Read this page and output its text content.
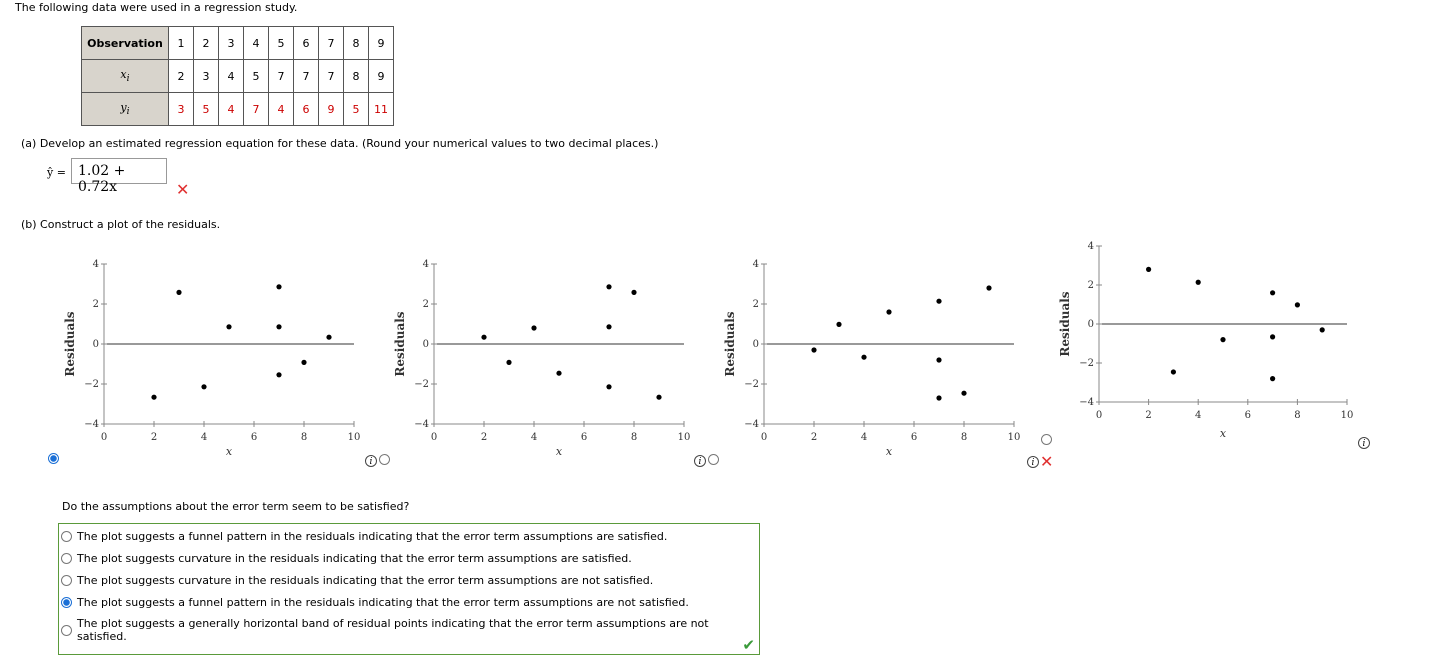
The following data were used in a regression study.
Observation	1	2	3	4	5	6	7	8	9
$x_i$	2	3	4	5	7	7	7	8	9
$y_i$	3	5	4	7	4	6	9	5	11
(a) Develop an estimated regression equation for these data. (Round your numerical values to two decimal places.)
ŷ = 1.02 + 0.72x	✕
(b) Construct a plot of the residuals.
4
2
0
−2
−4
0	2	4	6	8	10
Residuals
x
4
2
0
−2
−4
0	2	4	6	8	10
Residuals
x
4
2
0
−2
−4
0	2	4	6	8	10
Residuals
x
4
2
0
−2
−4
0	2	4	6	8	10
Residuals
x
i	i	i ✕
i
Do the assumptions about the error term seem to be satisfied?
The plot suggests a funnel pattern in the residuals indicating that the error term assumptions are satisfied.
The plot suggests curvature in the residuals indicating that the error term assumptions are satisfied.
The plot suggests curvature in the residuals indicating that the error term assumptions are not satisfied.
The plot suggests a funnel pattern in the residuals indicating that the error term assumptions are not satisfied.
The plot suggests a generally horizontal band of residual points indicating that the error term assumptions are not satisfied.	✔
